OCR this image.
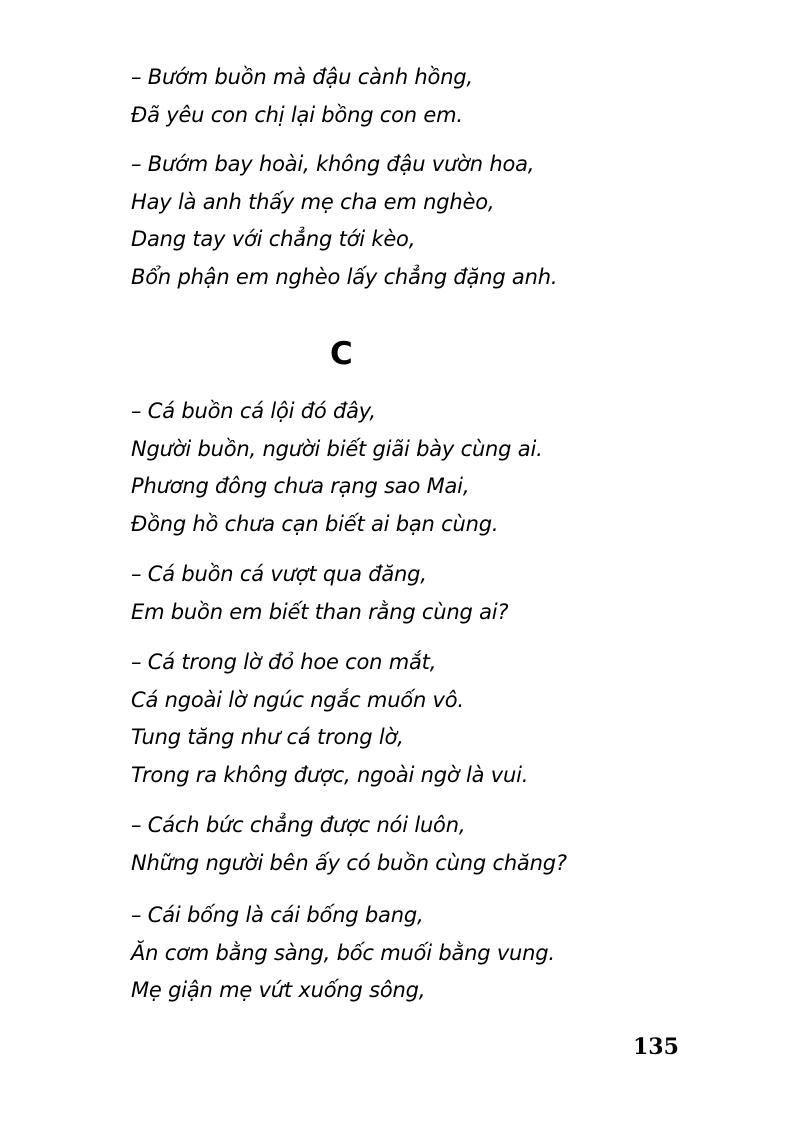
– Bướm buồn mà đậu cành hồng,
Đã yêu con chị lại bồng con em.
– Bướm bay hoài, không đậu vườn hoa,
Hay là anh thấy mẹ cha em nghèo,
Dang tay với chẳng tới kèo,
Bổn phận em nghèo lấy chẳng đặng anh.
C
– Cá buồn cá lội đó đây,
Người buồn, người biết giãi bày cùng ai.
Phương đông chưa rạng sao Mai,
Đồng hồ chưa cạn biết ai bạn cùng.
– Cá buồn cá vượt qua đăng,
Em buồn em biết than rằng cùng ai?
– Cá trong lờ đỏ hoe con mắt,
Cá ngoài lờ ngúc ngắc muốn vô.
Tung tăng như cá trong lờ,
Trong ra không được, ngoài ngờ là vui.
– Cách bức chẳng được nói luôn,
Những người bên ấy có buồn cùng chăng?
– Cái bống là cái bống bang,
Ăn cơm bằng sàng, bốc muối bằng vung.
Mẹ giận mẹ vứt xuống sông,
135
